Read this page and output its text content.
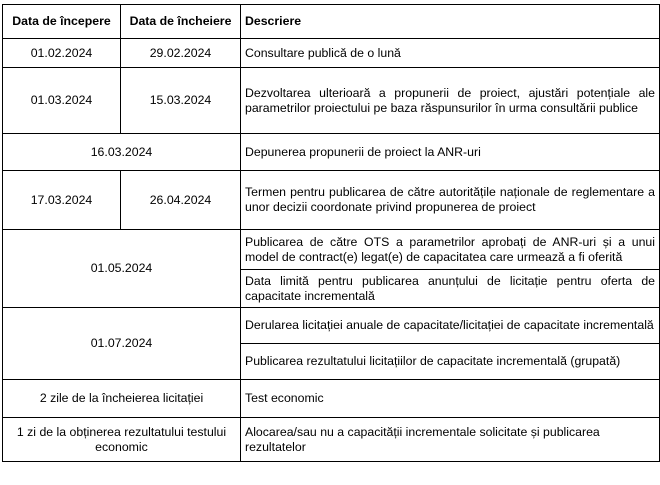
Data de începere	Data de încheiere	Descriere
01.02.2024	29.02.2024	Consultare publică de o lună
01.03.2024	15.03.2024	Dezvoltarea ulterioară a propunerii de proiect, ajustări potențiale ale parametrilor proiectului pe baza răspunsurilor în urma consultării publice
16.03.2024		Depunerea propunerii de proiect la ANR-uri
17.03.2024	26.04.2024	Termen pentru publicarea de către autoritățile naționale de reglementare a unor decizii coordonate privind propunerea de proiect
01.05.2024		Publicarea de către OTS a parametrilor aprobați de ANR-uri și a unui model de contract(e) legat(e) de capacitatea care urmează a fi oferită
		Data limită pentru publicarea anunțului de licitație pentru oferta de capacitate incrementală
01.07.2024		Derularea licitației anuale de capacitate/licitației de capacitate incrementală
		Publicarea rezultatului licitațiilor de capacitate incrementală (grupată)
2 zile de la încheierea licitației		Test economic
1 zi de la obținerea rezultatului testului economic		Alocarea/sau nu a capacității incrementale solicitate și publicarea rezultatelor
